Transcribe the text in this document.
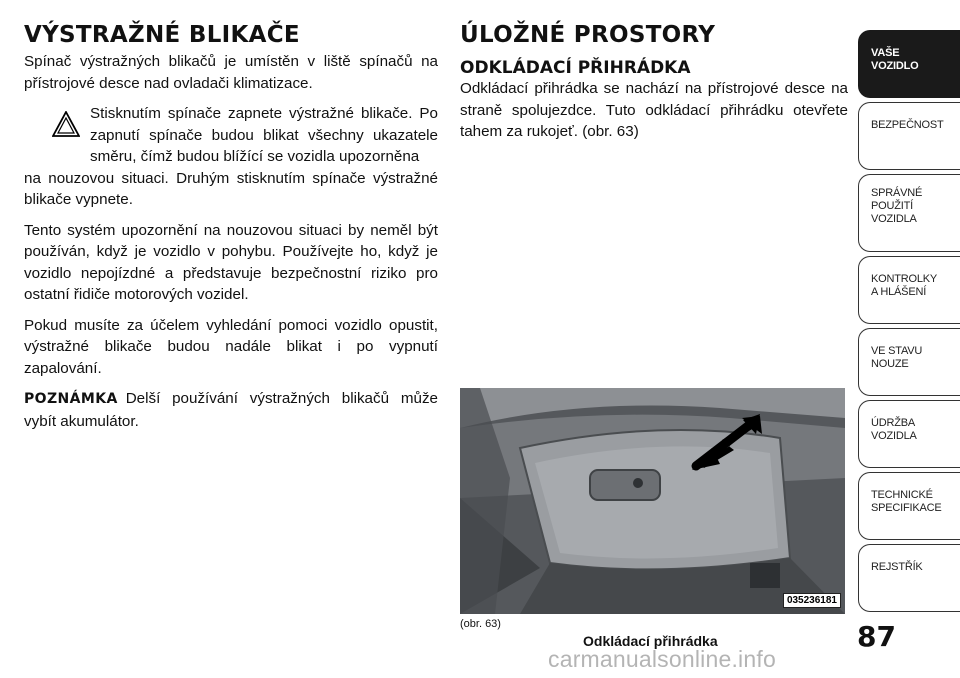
VÝSTRAŽNÉ BLIKAČE

Spínač výstražných blikačů je umístěn v liště spínačů na přístrojové desce nad ovladači klimatizace.

Stisknutím spínače zapnete výstražné blikače. Po zapnutí spínače budou blikat všechny ukazatele směru, čímž budou blížící se vozidla upozorněna

na nouzovou situaci. Druhým stisknutím spínače výstražné blikače vypnete.

Tento systém upozornění na nouzovou situaci by neměl být používán, když je vozidlo v pohybu. Používejte ho, když je vozidlo nepojízdné a představuje bezpečnostní riziko pro ostatní řidiče motorových vozidel.

Pokud musíte za účelem vyhledání pomoci vozidlo opustit, výstražné blikače budou nadále blikat i po vypnutí zapalování.

POZNÁMKA Delší používání výstražných blikačů může vybít akumulátor.

ÚLOŽNÉ PROSTORY
ODKLÁDACÍ PŘIHRÁDKA

Odkládací přihrádka se nachází na přístrojové desce na straně spolujezdce. Tuto odkládací přihrádku otevřete tahem za rukojeť. (obr. 63)

035236181
(obr. 63)
Odkládací přihrádka	87
carmanualsonline.info
VAŠE
VOZIDLO
BEZPEČNOST
SPRÁVNÉ
POUŽITÍ
VOZIDLA
KONTROLKY
A HLÁŠENÍ
VE STAVU
NOUZE
ÚDRŽBA
VOZIDLA
TECHNICKÉ
SPECIFIKACE
REJSTŘÍK
